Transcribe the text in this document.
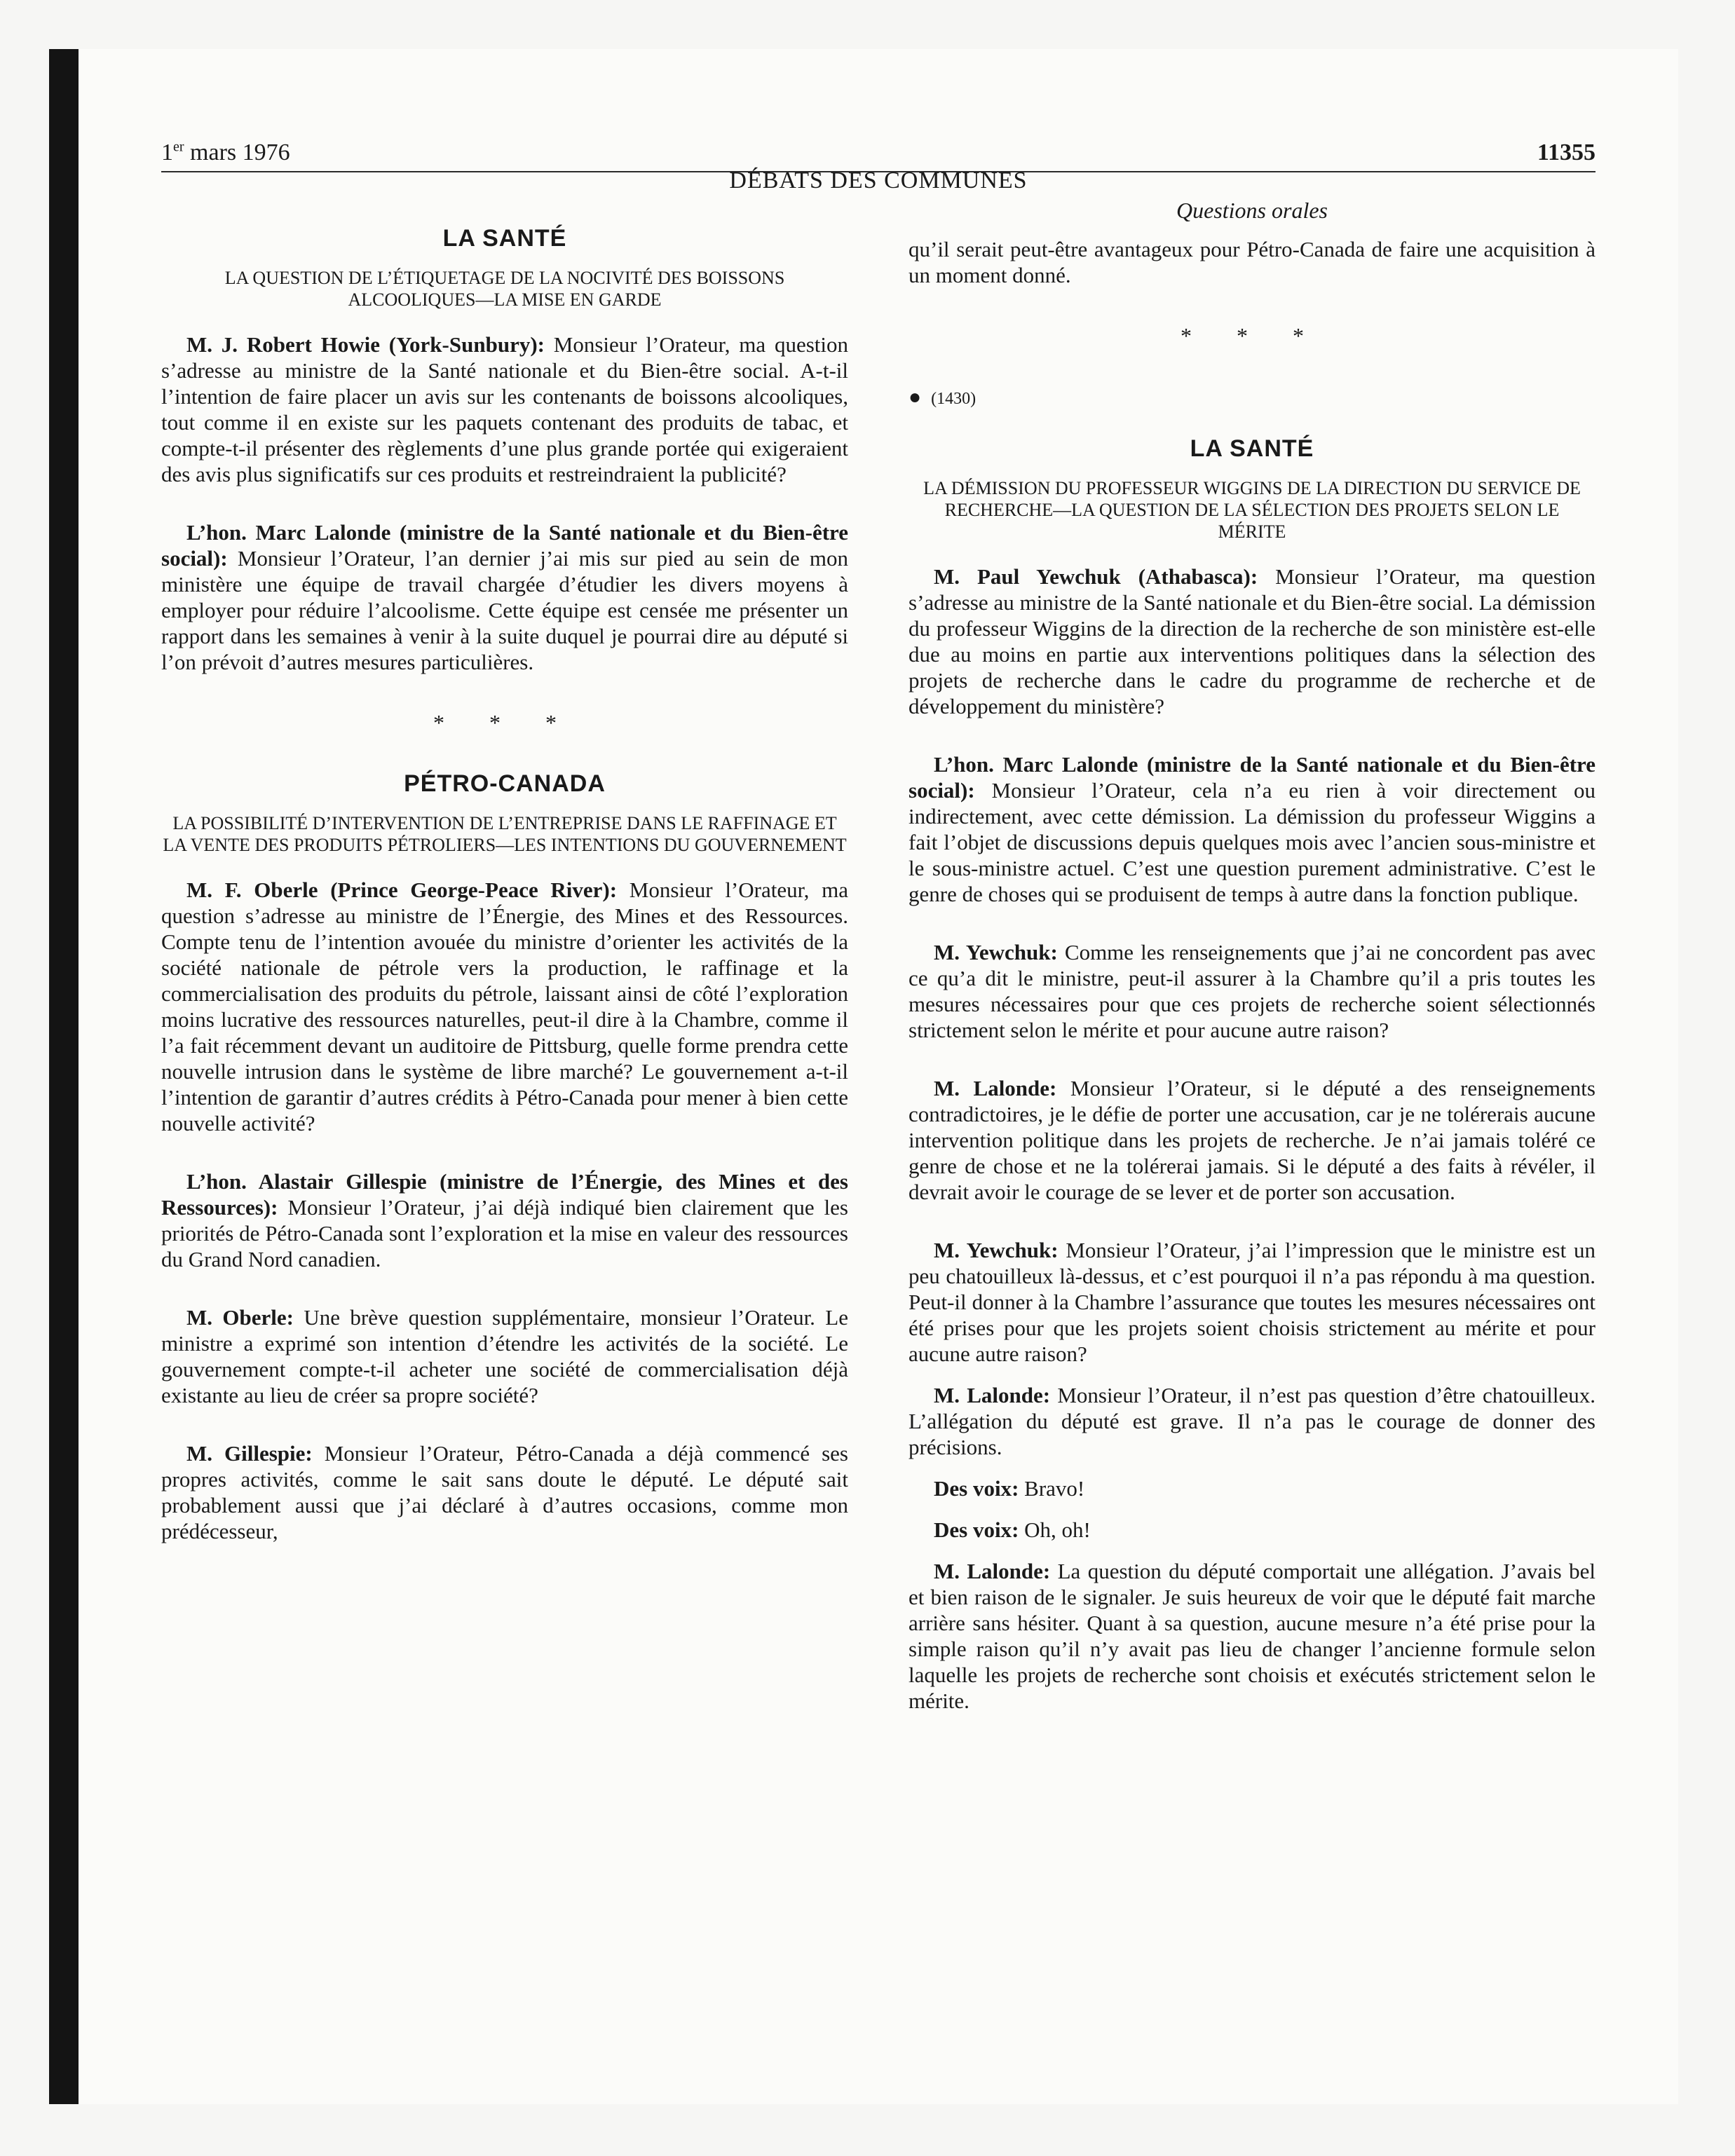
1er mars 1976
DÉBATS DES COMMUNES
11355
LA SANTÉ
LA QUESTION DE L’ÉTIQUETAGE DE LA NOCIVITÉ DES BOISSONS ALCOOLIQUES—LA MISE EN GARDE

M. J. Robert Howie (York-Sunbury): Monsieur l’Orateur, ma question s’adresse au ministre de la Santé nationale et du Bien-être social. A-t-il l’intention de faire placer un avis sur les contenants de boissons alcooliques, tout comme il en existe sur les paquets contenant des produits de tabac, et compte-t-il présenter des règlements d’une plus grande portée qui exigeraient des avis plus significatifs sur ces produits et restreindraient la publicité?

L’hon. Marc Lalonde (ministre de la Santé nationale et du Bien-être social): Monsieur l’Orateur, l’an dernier j’ai mis sur pied au sein de mon ministère une équipe de travail chargée d’étudier les divers moyens à employer pour réduire l’alcoolisme. Cette équipe est censée me présenter un rapport dans les semaines à venir à la suite duquel je pourrai dire au député si l’on prévoit d’autres mesures particulières.

* * *
PÉTRO-CANADA
LA POSSIBILITÉ D’INTERVENTION DE L’ENTREPRISE DANS LE RAFFINAGE ET LA VENTE DES PRODUITS PÉTROLIERS—LES INTENTIONS DU GOUVERNEMENT

M. F. Oberle (Prince George-Peace River): Monsieur l’Orateur, ma question s’adresse au ministre de l’Énergie, des Mines et des Ressources. Compte tenu de l’intention avouée du ministre d’orienter les activités de la société nationale de pétrole vers la production, le raffinage et la commercialisation des produits du pétrole, laissant ainsi de côté l’exploration moins lucrative des ressources naturelles, peut-il dire à la Chambre, comme il l’a fait récemment devant un auditoire de Pittsburg, quelle forme prendra cette nouvelle intrusion dans le système de libre marché? Le gouvernement a-t-il l’intention de garantir d’autres crédits à Pétro-Canada pour mener à bien cette nouvelle activité?

L’hon. Alastair Gillespie (ministre de l’Énergie, des Mines et des Ressources): Monsieur l’Orateur, j’ai déjà indiqué bien clairement que les priorités de Pétro-Canada sont l’exploration et la mise en valeur des ressources du Grand Nord canadien.

M. Oberle: Une brève question supplémentaire, monsieur l’Orateur. Le ministre a exprimé son intention d’étendre les activités de la société. Le gouvernement compte-t-il acheter une société de commercialisation déjà existante au lieu de créer sa propre société?

M. Gillespie: Monsieur l’Orateur, Pétro-Canada a déjà commencé ses propres activités, comme le sait sans doute le député. Le député sait probablement aussi que j’ai déclaré à d’autres occasions, comme mon prédécesseur,

Questions orales

qu’il serait peut-être avantageux pour Pétro-Canada de faire une acquisition à un moment donné.

* * *
● (1430)
LA SANTÉ
LA DÉMISSION DU PROFESSEUR WIGGINS DE LA DIRECTION DU SERVICE DE RECHERCHE—LA QUESTION DE LA SÉLECTION DES PROJETS SELON LE MÉRITE

M. Paul Yewchuk (Athabasca): Monsieur l’Orateur, ma question s’adresse au ministre de la Santé nationale et du Bien-être social. La démission du professeur Wiggins de la direction de la recherche de son ministère est-elle due au moins en partie aux interventions politiques dans la sélection des projets de recherche dans le cadre du programme de recherche et de développement du ministère?

L’hon. Marc Lalonde (ministre de la Santé nationale et du Bien-être social): Monsieur l’Orateur, cela n’a eu rien à voir directement ou indirectement, avec cette démission. La démission du professeur Wiggins a fait l’objet de discussions depuis quelques mois avec l’ancien sous-ministre et le sous-ministre actuel. C’est une question purement administrative. C’est le genre de choses qui se produisent de temps à autre dans la fonction publique.

M. Yewchuk: Comme les renseignements que j’ai ne concordent pas avec ce qu’a dit le ministre, peut-il assurer à la Chambre qu’il a pris toutes les mesures nécessaires pour que ces projets de recherche soient sélectionnés strictement selon le mérite et pour aucune autre raison?

M. Lalonde: Monsieur l’Orateur, si le député a des renseignements contradictoires, je le défie de porter une accusation, car je ne tolérerais aucune intervention politique dans les projets de recherche. Je n’ai jamais toléré ce genre de chose et ne la tolérerai jamais. Si le député a des faits à révéler, il devrait avoir le courage de se lever et de porter son accusation.

M. Yewchuk: Monsieur l’Orateur, j’ai l’impression que le ministre est un peu chatouilleux là-dessus, et c’est pourquoi il n’a pas répondu à ma question. Peut-il donner à la Chambre l’assurance que toutes les mesures nécessaires ont été prises pour que les projets soient choisis strictement au mérite et pour aucune autre raison?

M. Lalonde: Monsieur l’Orateur, il n’est pas question d’être chatouilleux. L’allégation du député est grave. Il n’a pas le courage de donner des précisions.

Des voix: Bravo!

Des voix: Oh, oh!

M. Lalonde: La question du député comportait une allégation. J’avais bel et bien raison de le signaler. Je suis heureux de voir que le député fait marche arrière sans hésiter. Quant à sa question, aucune mesure n’a été prise pour la simple raison qu’il n’y avait pas lieu de changer l’ancienne formule selon laquelle les projets de recherche sont choisis et exécutés strictement selon le mérite.
